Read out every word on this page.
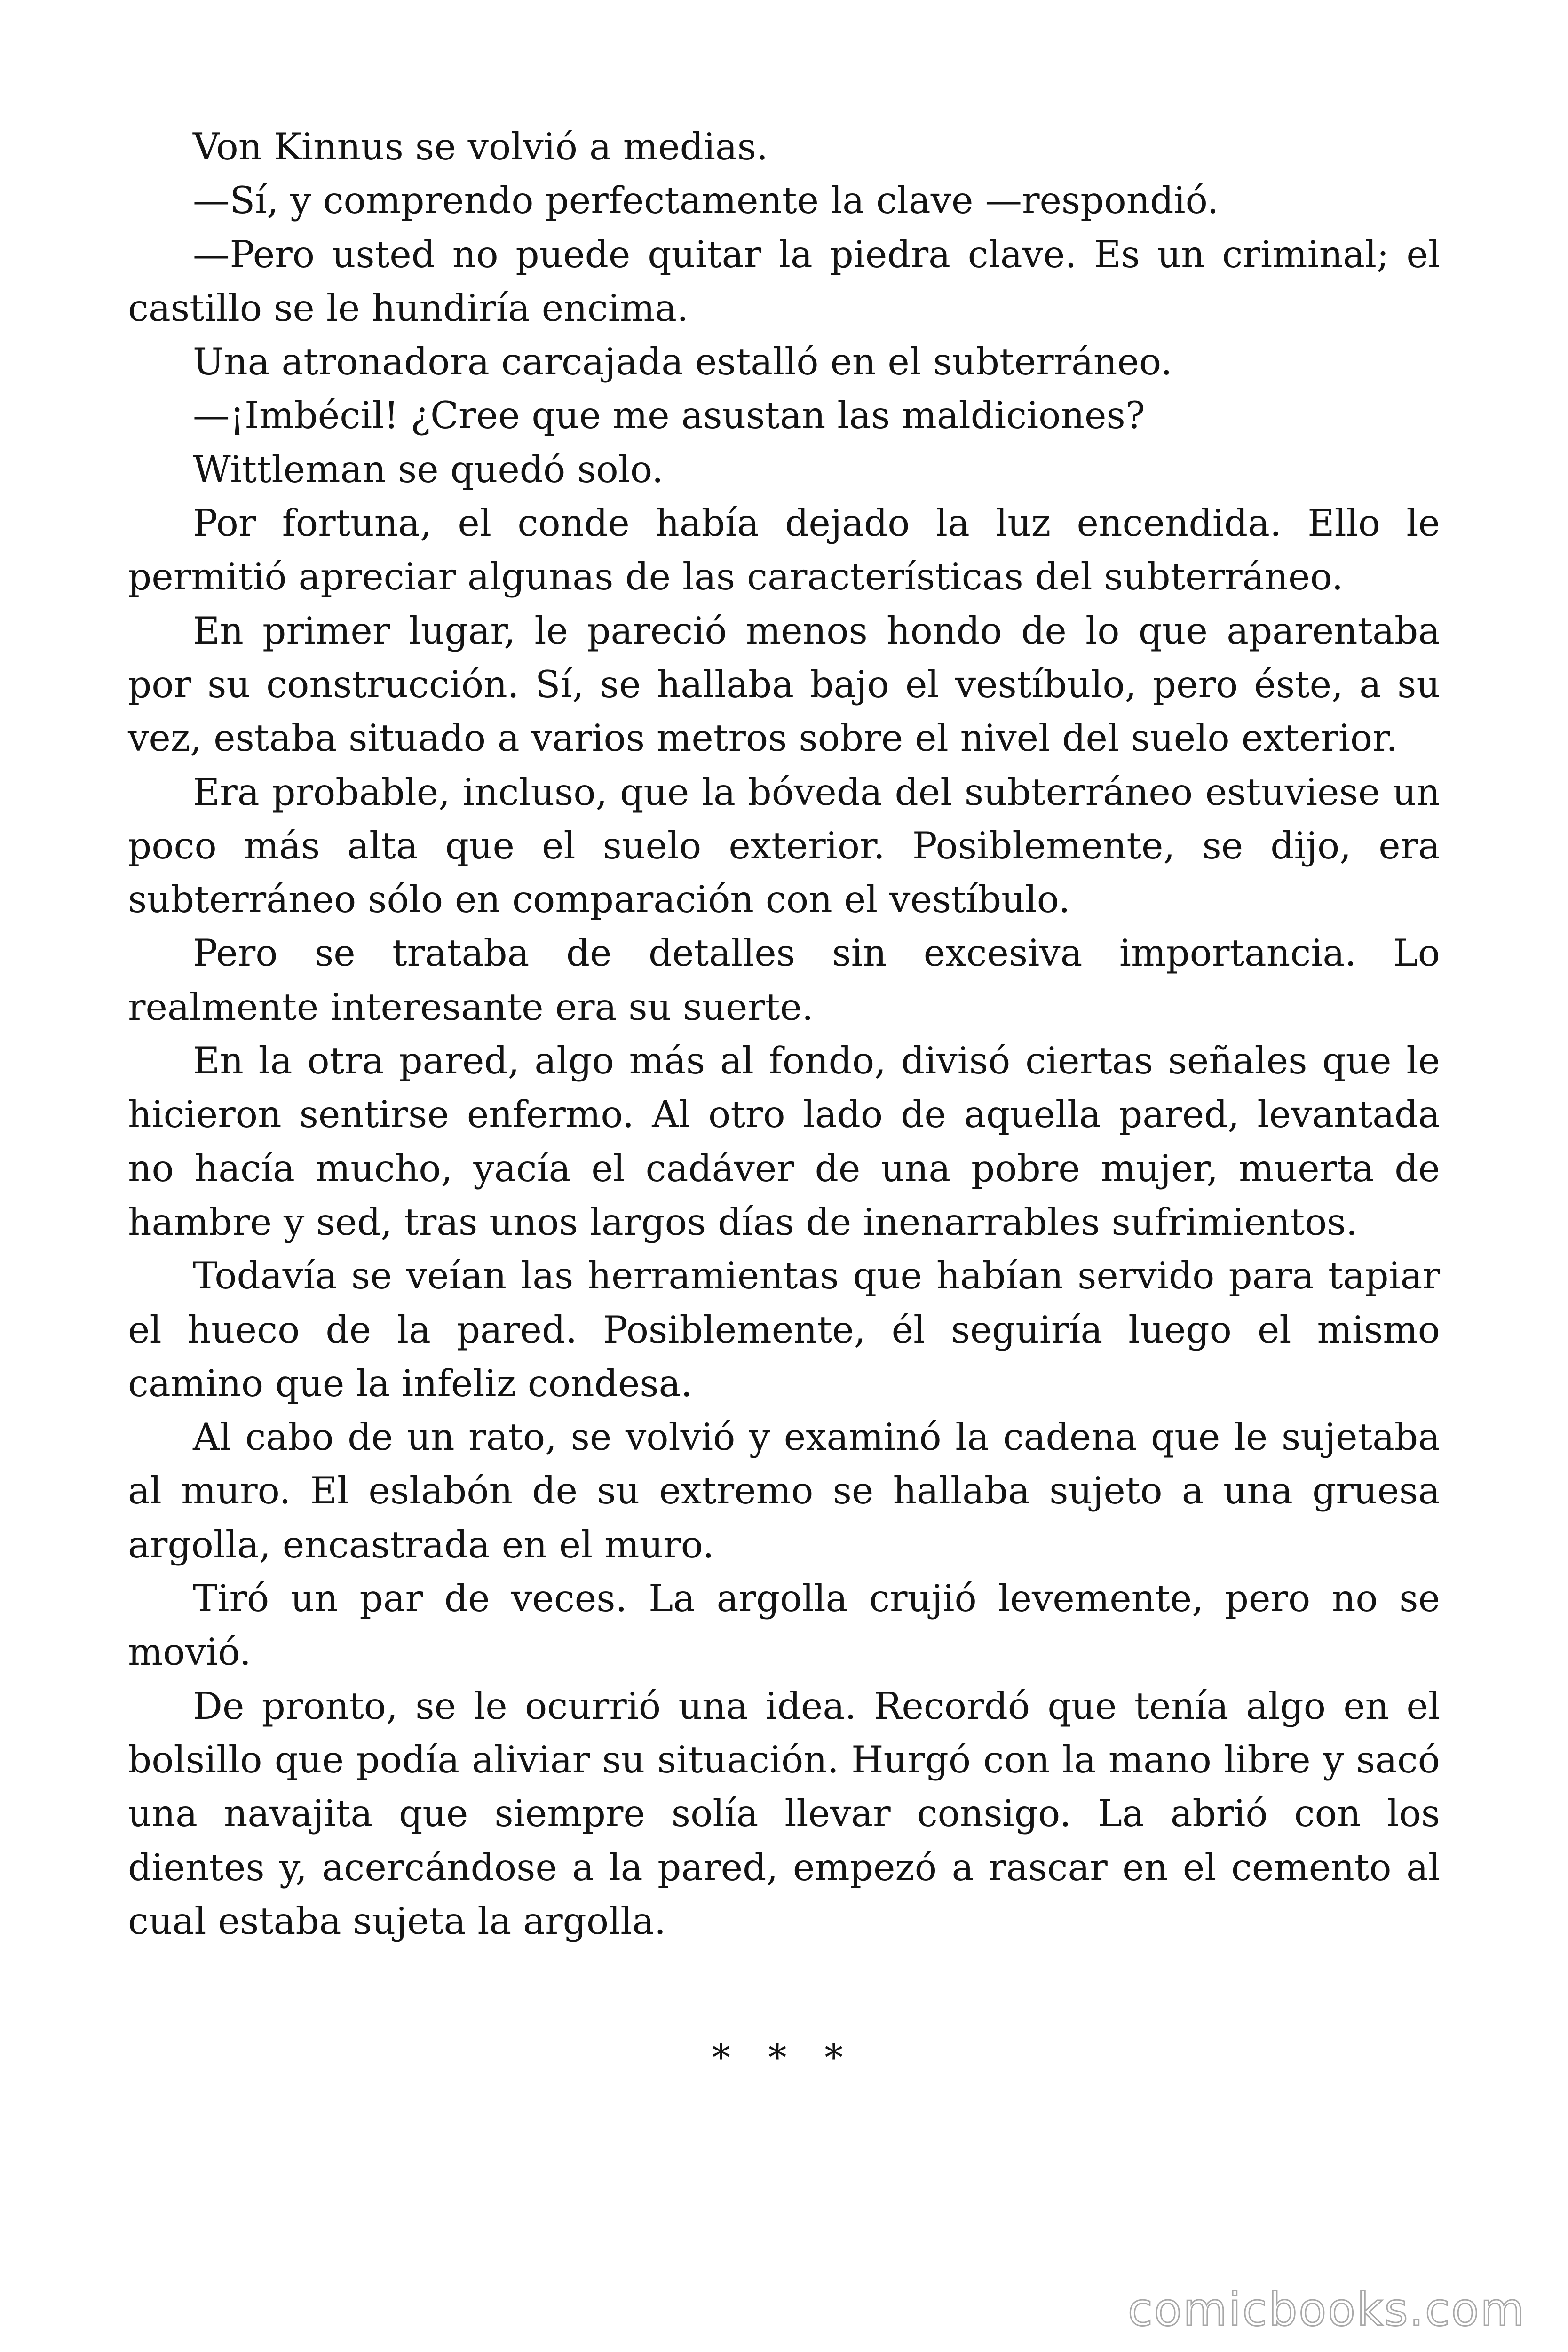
Von Kinnus se volvió a medias.

—Sí, y comprendo perfectamente la clave —respondió.

—Pero usted no puede quitar la piedra clave. Es un criminal; el castillo se le hundiría encima.

Una atronadora carcajada estalló en el subterráneo.

—¡Imbécil! ¿Cree que me asustan las maldiciones?

Wittleman se quedó solo.

Por fortuna, el conde había dejado la luz encendida. Ello le permitió apreciar algunas de las características del subterráneo.

En primer lugar, le pareció menos hondo de lo que aparentaba por su construcción. Sí, se hallaba bajo el vestíbulo, pero éste, a su vez, estaba situado a varios metros sobre el nivel del suelo exterior.

Era probable, incluso, que la bóveda del subterráneo estuviese un poco más alta que el suelo exterior. Posiblemente, se dijo, era subterráneo sólo en comparación con el vestíbulo.

Pero se trataba de detalles sin excesiva importancia. Lo realmente interesante era su suerte.

En la otra pared, algo más al fondo, divisó ciertas señales que le hicieron sentirse enfermo. Al otro lado de aquella pared, levantada no hacía mucho, yacía el cadáver de una pobre mujer, muerta de hambre y sed, tras unos largos días de inenarrables sufrimientos.

Todavía se veían las herramientas que habían servido para tapiar el hueco de la pared. Posiblemente, él seguiría luego el mismo camino que la infeliz condesa.

Al cabo de un rato, se volvió y examinó la cadena que le sujetaba al muro. El eslabón de su extremo se hallaba sujeto a una gruesa argolla, encastrada en el muro.

Tiró un par de veces. La argolla crujió levemente, pero no se movió.

De pronto, se le ocurrió una idea. Recordó que tenía algo en el bolsillo que podía aliviar su situación. Hurgó con la mano libre y sacó una navajita que siempre solía llevar consigo. La abrió con los dientes y, acercándose a la pared, empezó a rascar en el cemento al cual estaba sujeta la argolla.

* * *
comicbooks.com
